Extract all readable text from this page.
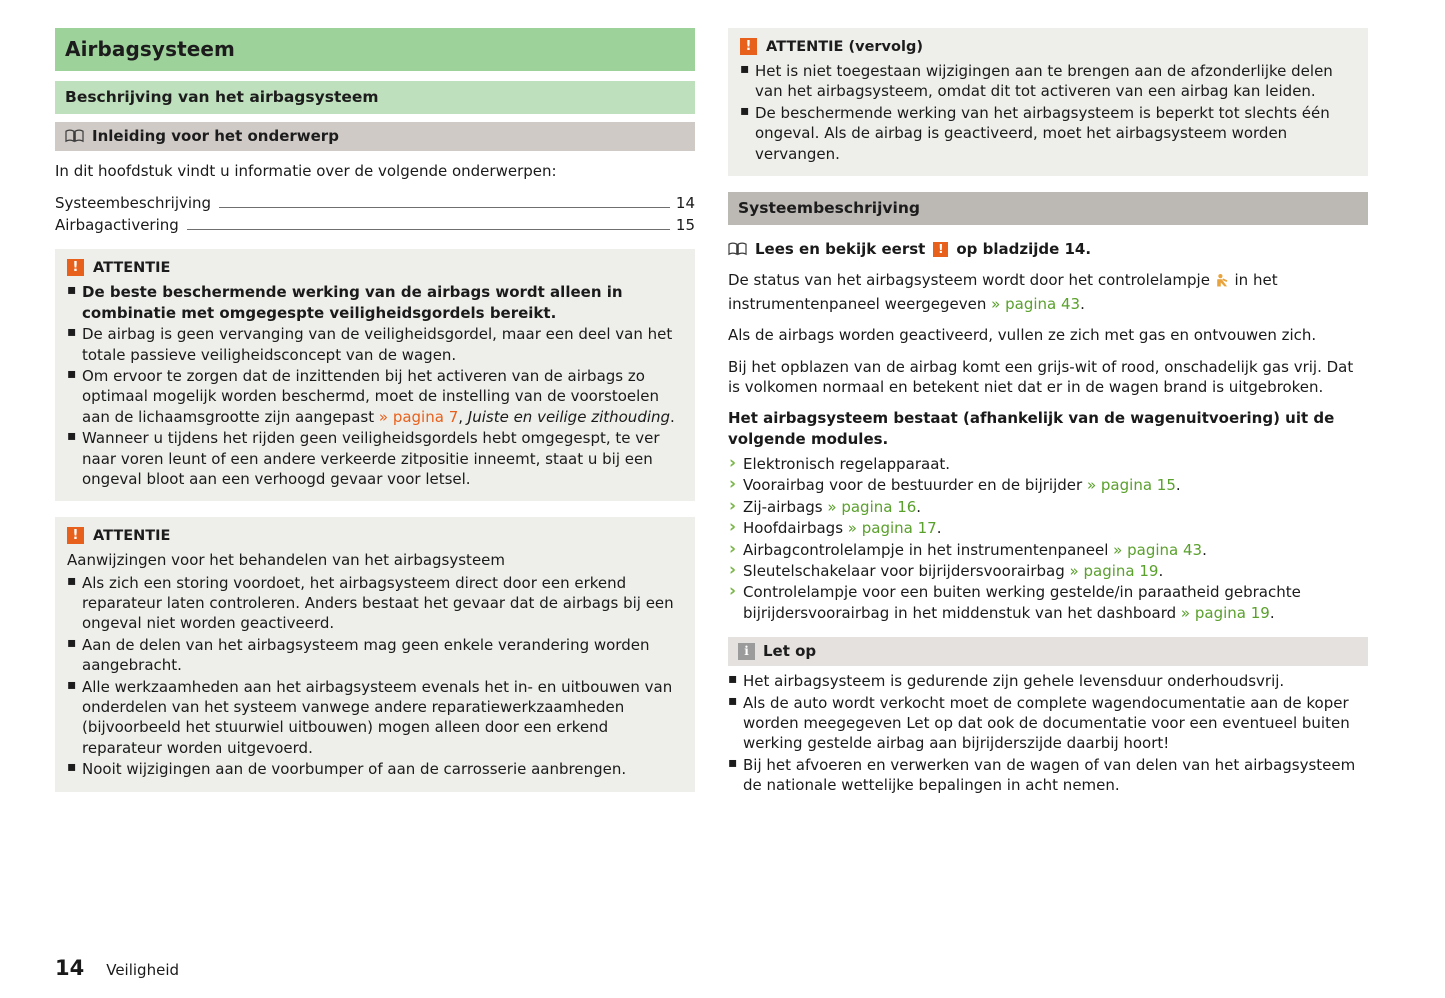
Airbagsysteem
Beschrijving van het airbagsysteem
Inleiding voor het onderwerp

In dit hoofdstuk vindt u informatie over de volgende onderwerpen:

Systeembeschrijving	14
Airbagactivering	15
!	ATTENTIE
▪ De beste beschermende werking van de airbags wordt alleen in combinatie met omgegespte veiligheidsgordels bereikt.
▪ De airbag is geen vervanging van de veiligheidsgordel, maar een deel van het totale passieve veiligheidsconcept van de wagen.
▪ Om ervoor te zorgen dat de inzittenden bij het activeren van de airbags zo optimaal mogelijk worden beschermd, moet de instelling van de voorstoelen aan de lichaamsgrootte zijn aangepast » pagina 7, Juiste en veilige zithouding.
▪ Wanneer u tijdens het rijden geen veiligheidsgordels hebt omgegespt, te ver naar voren leunt of een andere verkeerde zitpositie inneemt, staat u bij een ongeval bloot aan een verhoogd gevaar voor letsel.
!	ATTENTIE

Aanwijzingen voor het behandelen van het airbagsysteem

▪ Als zich een storing voordoet, het airbagsysteem direct door een erkend reparateur laten controleren. Anders bestaat het gevaar dat de airbags bij een ongeval niet worden geactiveerd.
▪ Aan de delen van het airbagsysteem mag geen enkele verandering worden aangebracht.
▪ Alle werkzaamheden aan het airbagsysteem evenals het in- en uitbouwen van onderdelen van het systeem vanwege andere reparatiewerkzaamheden (bijvoorbeeld het stuurwiel uitbouwen) mogen alleen door een erkend reparateur worden uitgevoerd.
▪ Nooit wijzigingen aan de voorbumper of aan de carrosserie aanbrengen.
!	ATTENTIE (vervolg)
▪ Het is niet toegestaan wijzigingen aan te brengen aan de afzonderlijke delen van het airbagsysteem, omdat dit tot activeren van een airbag kan leiden.
▪ De beschermende werking van het airbagsysteem is beperkt tot slechts één ongeval. Als de airbag is geactiveerd, moet het airbagsysteem worden vervangen.
Systeembeschrijving

Lees en bekijk eerst	! op bladzijde 14.

De status van het airbagsysteem wordt door het controlelampje in het instrumentenpaneel weergegeven » pagina 43.

Als de airbags worden geactiveerd, vullen ze zich met gas en ontvouwen zich.

Bij het opblazen van de airbag komt een grijs-wit of rood, onschadelijk gas vrij. Dat is volkomen normaal en betekent niet dat er in de wagen brand is uitgebroken.

Het airbagsysteem bestaat (afhankelijk van de wagenuitvoering) uit de volgende modules.

› Elektronisch regelapparaat.
› Voorairbag voor de bestuurder en de bijrijder » pagina 15.
› Zij-airbags » pagina 16.
› Hoofdairbags » pagina 17.
› Airbagcontrolelampje in het instrumentenpaneel » pagina 43.
› Sleutelschakelaar voor bijrijdersvoorairbag » pagina 19.
› Controlelampje voor een buiten werking gestelde/in paraatheid gebrachte bijrijdersvoorairbag in het middenstuk van het dashboard » pagina 19.
i Let op
▪ Het airbagsysteem is gedurende zijn gehele levensduur onderhoudsvrij.
▪ Als de auto wordt verkocht moet de complete wagendocumentatie aan de koper worden meegegeven Let op dat ook de documentatie voor een eventueel buiten werking gestelde airbag aan bijrijderszijde daarbij hoort!
▪ Bij het afvoeren en verwerken van de wagen of van delen van het airbagsysteem de nationale wettelijke bepalingen in acht nemen.
14 Veiligheid
